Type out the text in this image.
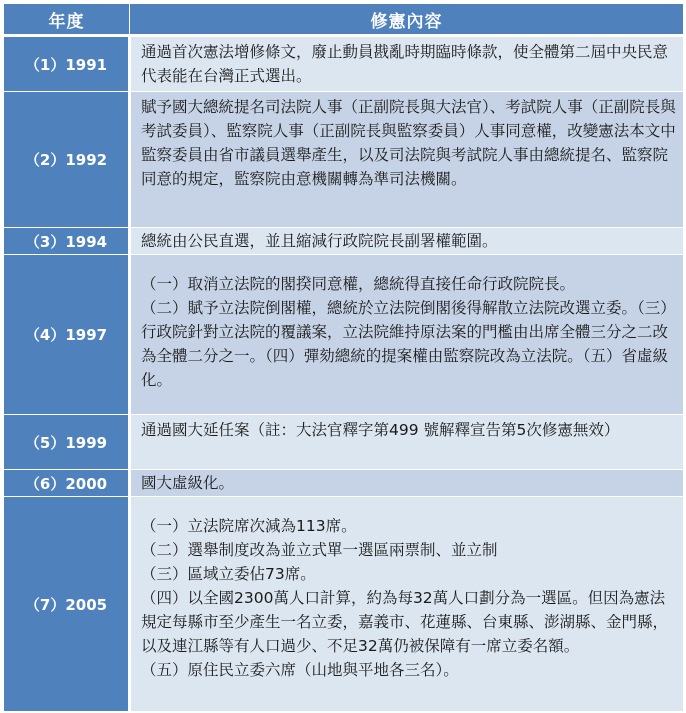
年度	修憲內容
（1）1991	通過首次憲法增修條文，廢止動員戡亂時期臨時條款，使全體第二屆中央民意代表能在台灣正式選出。

（2）1992	賦予國大總統提名司法院人事（正副院長與大法官）、考試院人事（正副院長與考試委員）、監察院人事（正副院長與監察委員）人事同意權，改變憲法本文中監察委員由省市議員選舉產生，以及司法院與考試院人事由總統提名、監察院同意的規定，監察院由意機關轉為準司法機關。

（3）1994	總統由公民直選，並且縮減行政院院長副署權範圍。

（4）1997	（一）取消立法院的閣揆同意權，總統得直接任命行政院院長。
（二）賦予立法院倒閣權，總統於立法院倒閣後得解散立法院改選立委。（三）行政院針對立法院的覆議案，立法院維持原法案的門檻由出席全體三分之二改為全體二分之一。（四）彈劾總統的提案權由監察院改為立法院。（五）省虛級化。

（5）1999	通過國大延任案（註：大法官釋字第499 號解釋宣告第5次修憲無效）

（6）2000	國大虛級化。

（7）2005	（一）立法院席次減為113席。
（二）選舉制度改為並立式單一選區兩票制、並立制
（三）區域立委佔73席。
（四）以全國2300萬人口計算，約為每32萬人口劃分為一選區。但因為憲法規定每縣市至少產生一名立委，嘉義市、花蓮縣、台東縣、澎湖縣、金門縣，以及連江縣等有人口過少、不足32萬仍被保障有一席立委名額。
（五）原住民立委六席（山地與平地各三名）。
